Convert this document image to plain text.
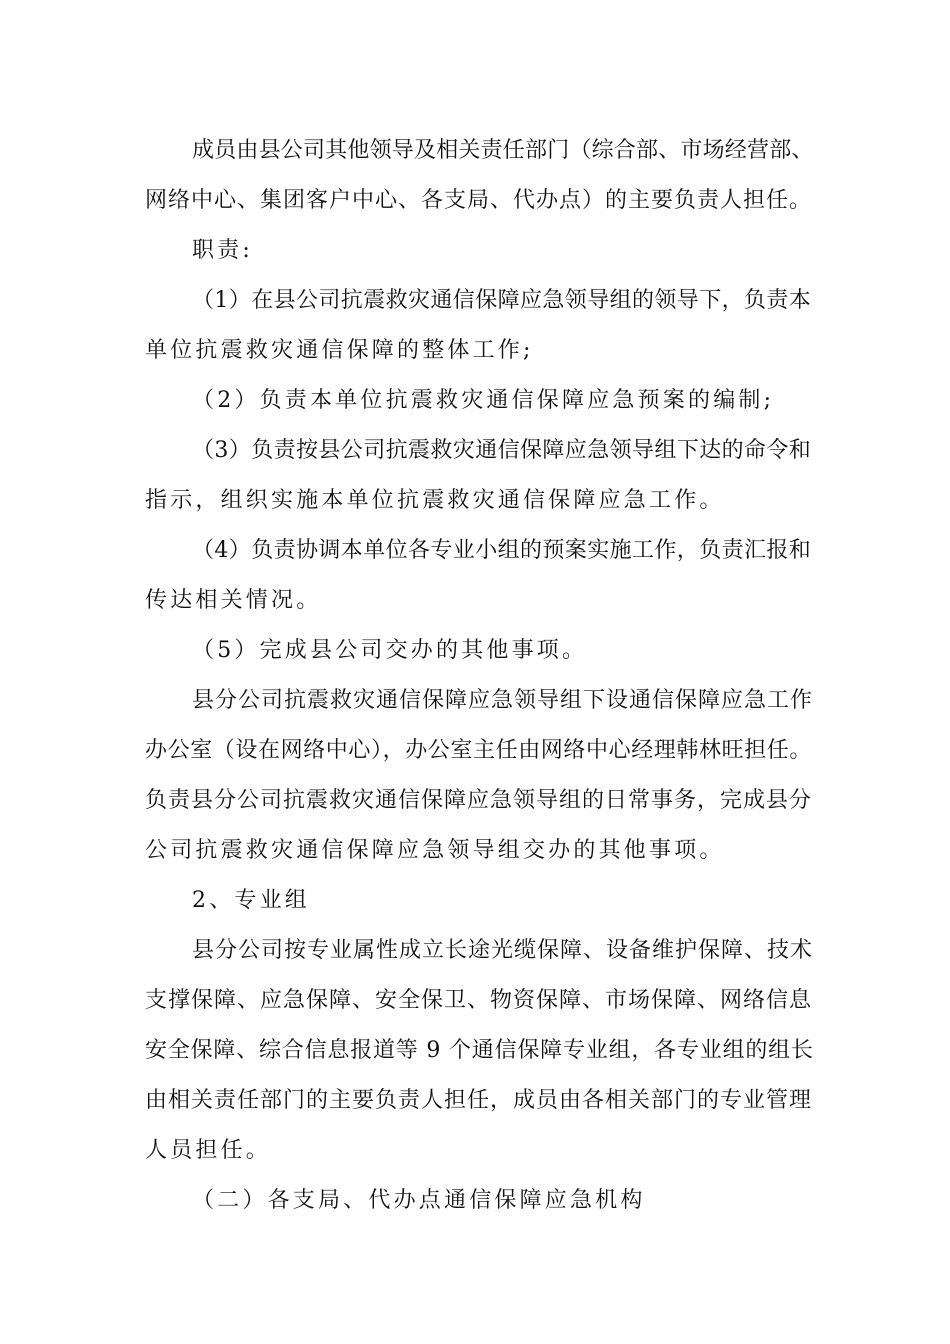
成员由县公司其他领导及相关责任部门（综合部、市场经营部、
网络中心、集团客户中心、各支局、代办点）的主要负责人担任。
职责:
（1）在县公司抗震救灾通信保障应急领导组的领导下，负责本
单位抗震救灾通信保障的整体工作;
（2）负责本单位抗震救灾通信保障应急预案的编制;
（3）负责按县公司抗震救灾通信保障应急领导组下达的命令和
指示，组织实施本单位抗震救灾通信保障应急工作。
（4）负责协调本单位各专业小组的预案实施工作，负责汇报和
传达相关情况。
（5）完成县公司交办的其他事项。
县分公司抗震救灾通信保障应急领导组下设通信保障应急工作
办公室（设在网络中心），办公室主任由网络中心经理韩林旺担任。
负责县分公司抗震救灾通信保障应急领导组的日常事务，完成县分
公司抗震救灾通信保障应急领导组交办的其他事项。
2、专业组
县分公司按专业属性成立长途光缆保障、设备维护保障、技术
支撑保障、应急保障、安全保卫、物资保障、市场保障、网络信息
安全保障、综合信息报道等 9 个通信保障专业组，各专业组的组长
由相关责任部门的主要负责人担任，成员由各相关部门的专业管理
人员担任。
（二）各支局、代办点通信保障应急机构
